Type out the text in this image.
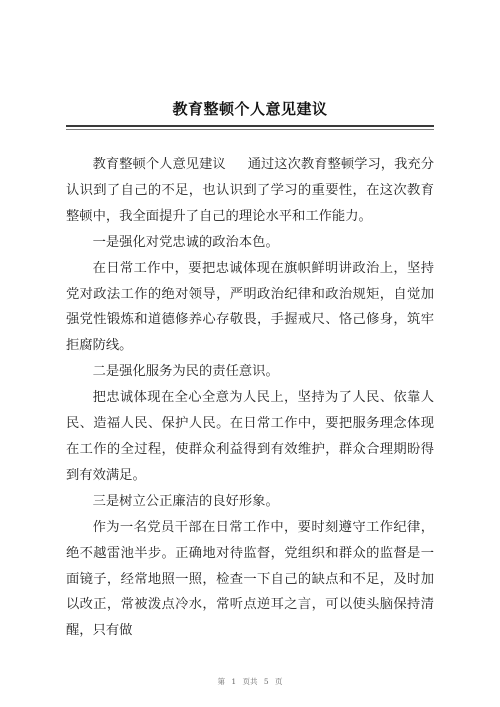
教育整顿个人意见建议

教育整顿个人意见建议 通过这次教育整顿学习，我充分认识到了自己的不足，也认识到了学习的重要性，在这次教育整顿中，我全面提升了自己的理论水平和工作能力。

一是强化对党忠诚的政治本色。

在日常工作中，要把忠诚体现在旗帜鲜明讲政治上，坚持党对政法工作的绝对领导，严明政治纪律和政治规矩，自觉加强党性锻炼和道德修养心存敬畏，手握戒尺、恪己修身，筑牢拒腐防线。

二是强化服务为民的责任意识。

把忠诚体现在全心全意为人民上，坚持为了人民、依靠人民、造福人民、保护人民。在日常工作中，要把服务理念体现在工作的全过程，使群众利益得到有效维护，群众合理期盼得到有效满足。

三是树立公正廉洁的良好形象。

作为一名党员干部在日常工作中，要时刻遵守工作纪律，绝不越雷池半步。正确地对待监督，党组织和群众的监督是一面镜子，经常地照一照，检查一下自己的缺点和不足，及时加以改正，常被泼点冷水，常听点逆耳之言，可以使头脑保持清醒，只有做

第 1 页共 5 页
